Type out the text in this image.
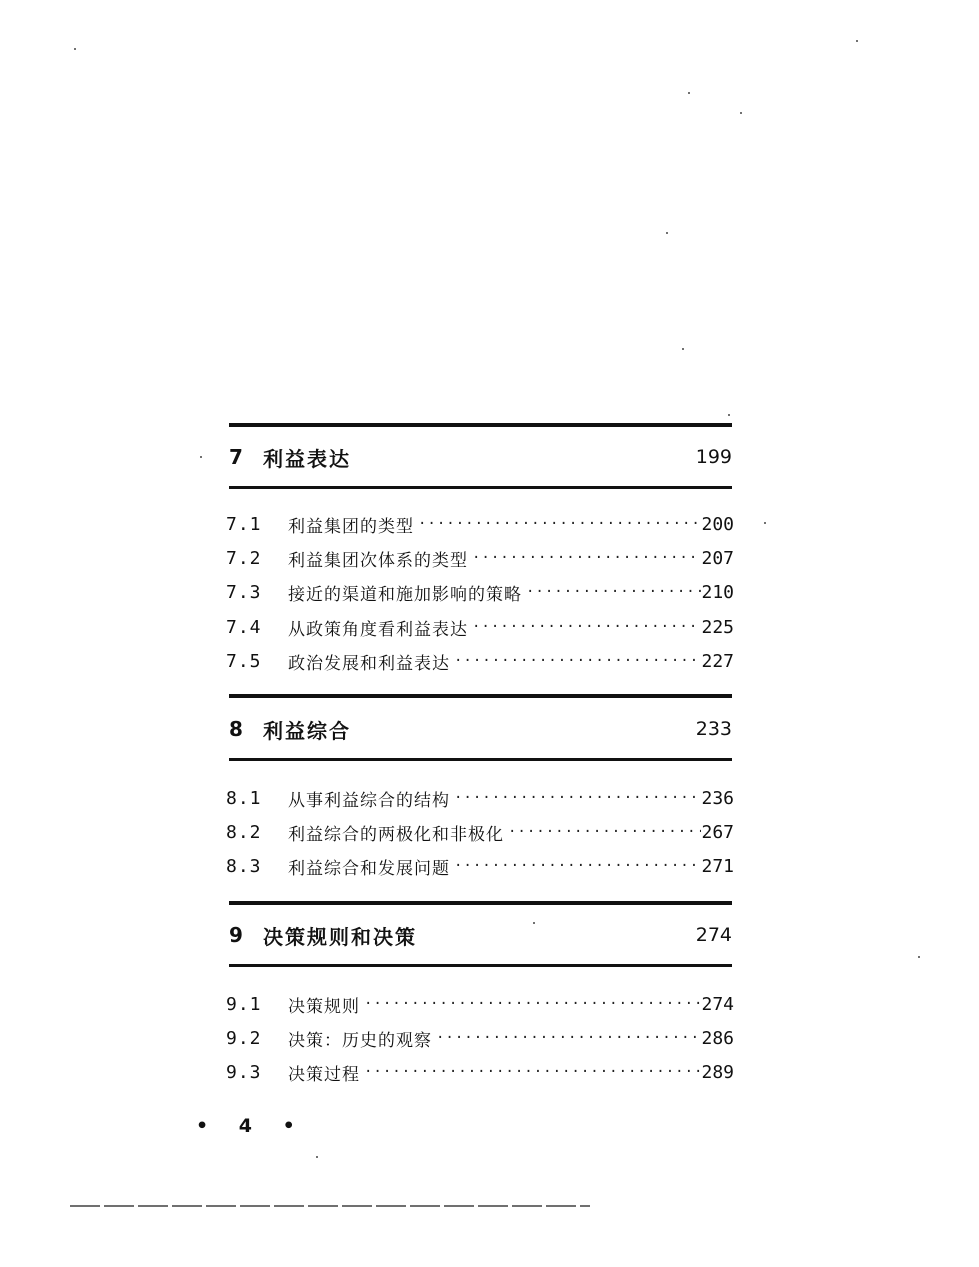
7	利益表达	199
7.1	利益集团的类型 ·····	200
7.2	利益集团次体系的类型 ·····	207
7.3	接近的渠道和施加影响的策略 ·····	210
7.4	从政策角度看利益表达 ·····	225
7.5	政治发展和利益表达 ·····	227
8	利益综合	233
8.1	从事利益综合的结构 ·····	236
8.2	利益综合的两极化和非极化 ·····	267
8.3	利益综合和发展问题 ·····	271
9	决策规则和决策	274
9.1	决策规则 ·····	274
9.2	决策：历史的观察 ·····	286
9.3	决策过程 ·····	289
• 4 •
